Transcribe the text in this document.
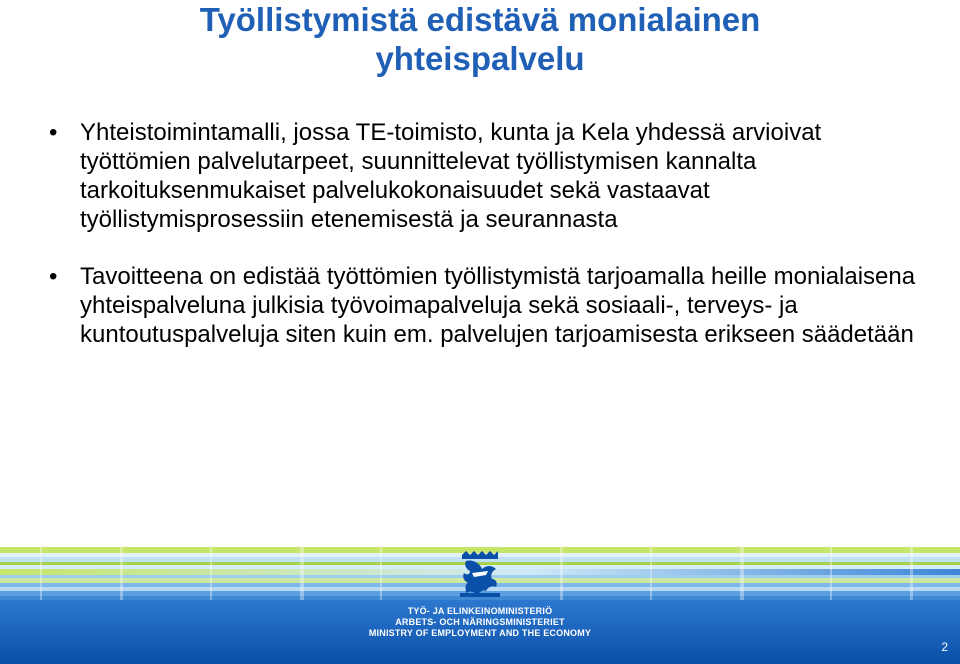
Työllistymistä edistävä monialainen
yhteispalvelu
• Yhteistoimintamalli, jossa TE-toimisto, kunta ja Kela yhdessä arvioivat työttömien palvelutarpeet, suunnittelevat työllistymisen kannalta tarkoituksenmukaiset palvelukokonaisuudet sekä vastaavat työllistymisprosessiin etenemisestä ja seurannasta
• Tavoitteena on edistää työttömien työllistymistä tarjoamalla heille monialaisena yhteispalveluna julkisia työvoimapalveluja sekä sosiaali-, terveys- ja kuntoutuspalveluja siten kuin em. palvelujen tarjoamisesta erikseen säädetään
TYÖ- JA ELINKEINOMINISTERIÖ
ARBETS- OCH NÄRINGSMINISTERIET
MINISTRY OF EMPLOYMENT AND THE ECONOMY
2
